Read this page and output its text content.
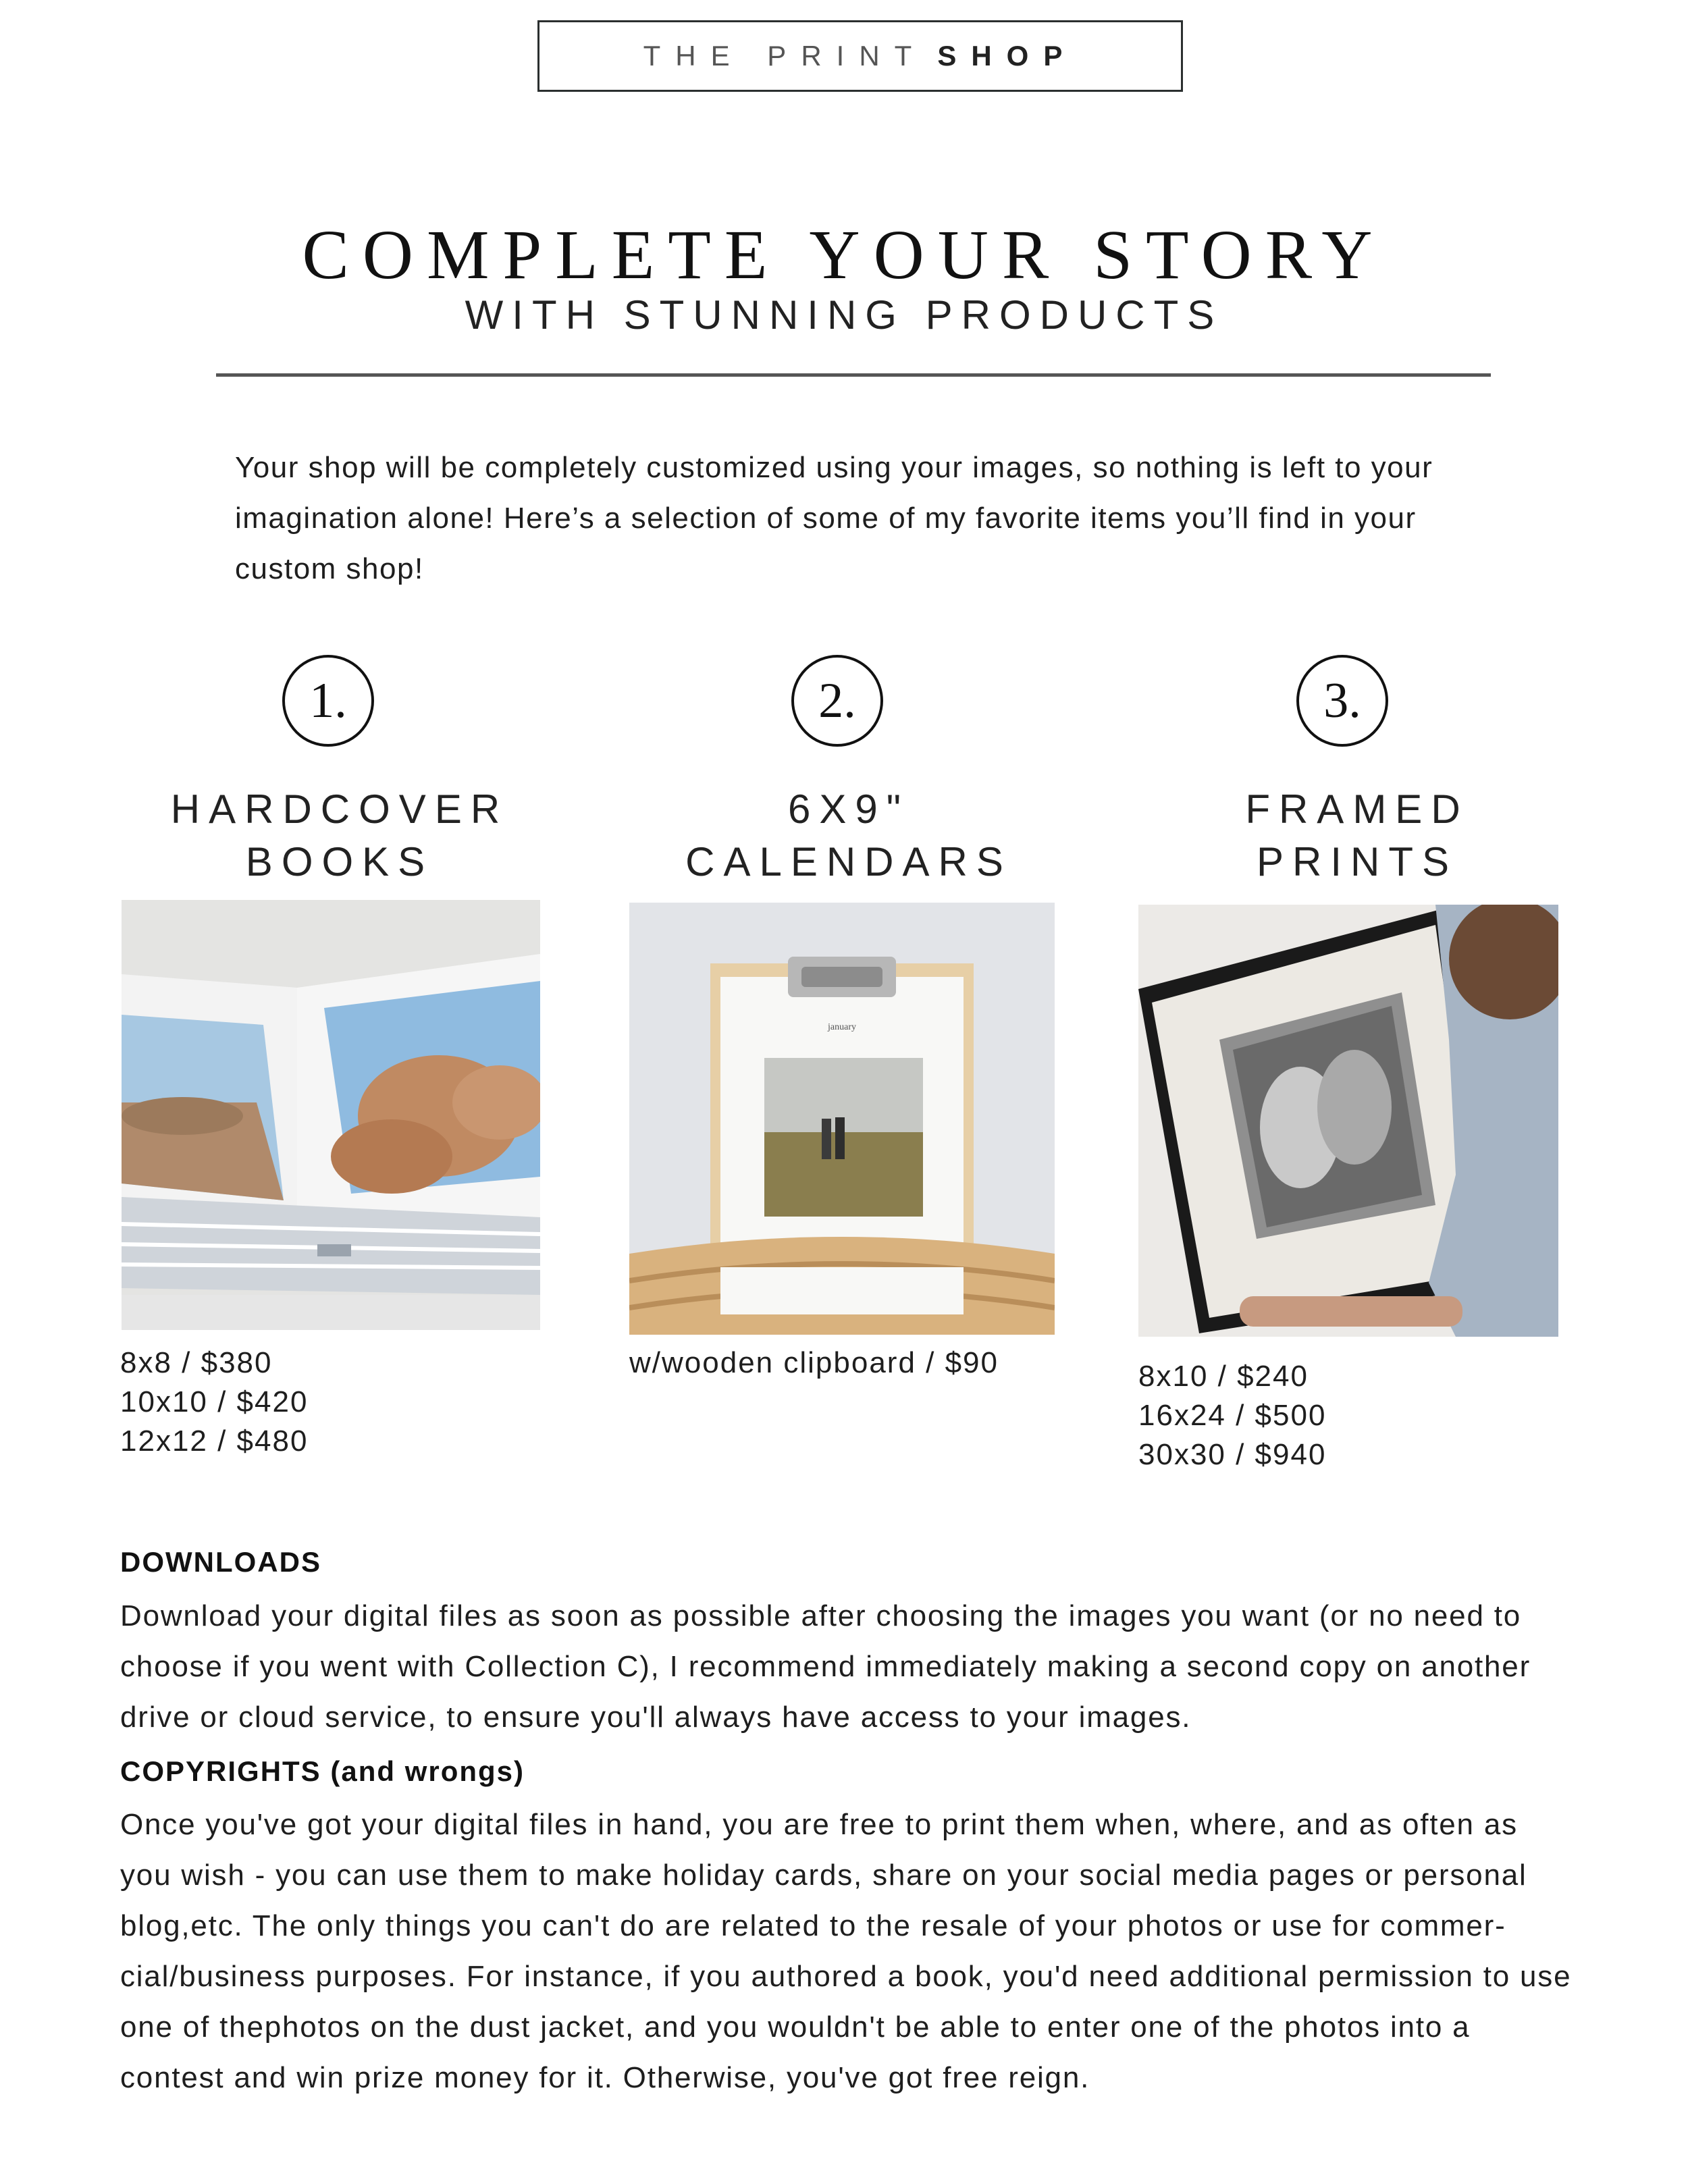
THE PRINT SHOP
COMPLETE YOUR STORY
WITH STUNNING PRODUCTS
Your shop will be completely customized using your images, so nothing is left to your imagination alone! Here’s a selection of some of my favorite items you’ll find in your custom shop!
1.
HARDCOVER
BOOKS
8x8 / $380
10x10 / $420
12x12 / $480
2.
6X9"
CALENDARS
january
w/wooden clipboard / $90
3.
FRAMED
PRINTS
8x10 / $240
16x24 / $500
30x30 / $940
DOWNLOADS
Download your digital files as soon as possible after choosing the images you want (or no need to choose if you went with Collection C), I recommend immediately making a second copy on another drive or cloud service, to ensure you'll always have access to your images.
COPYRIGHTS (and wrongs)
Once you've got your digital files in hand, you are free to print them when, where, and as often as you wish - you can use them to make holiday cards, share on your social media pages or personal blog,etc. The only things you can't do are related to the resale of your photos or use for commer-cial/business purposes. For instance, if you authored a book, you'd need additional permission to use one of thephotos on the dust jacket, and you wouldn't be able to enter one of the photos into a contest and win prize money for it. Otherwise, you've got free reign.
